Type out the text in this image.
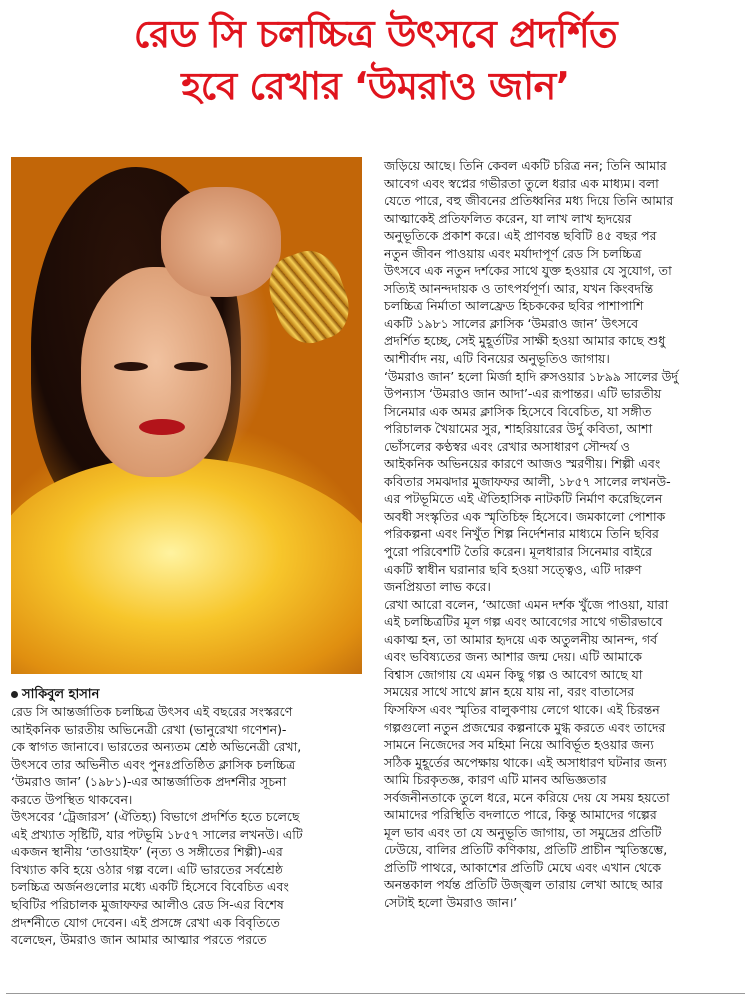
রেড সি চলচ্চিত্র উৎসবে প্রদর্শিত
হবে রেখার ‘উমরাও জান’
সাকিবুল হাসান

রেড সি আন্তর্জাতিক চলচ্চিত্র উৎসব এই বছরের সংস্করণে

আইকনিক ভারতীয় অভিনেত্রী রেখা (ভানুরেখা গণেশন)-

কে স্বাগত জানাবে। ভারতের অন্যতম শ্রেষ্ঠ অভিনেত্রী রেখা,

উৎসবে তার অভিনীত এবং পুনঃপ্রতিষ্ঠিত ক্লাসিক চলচ্চিত্র

‘উমরাও জান’ (১৯৮১)-এর আন্তর্জাতিক প্রদর্শনীর সূচনা

করতে উপস্থিত থাকবেন।

উৎসবের ‘ট্রেজারস’ (ঐতিহ্য) বিভাগে প্রদর্শিত হতে চলেছে

এই প্রখ্যাত সৃষ্টিটি, যার পটভূমি ১৮৫৭ সালের লখনউ। এটি

একজন স্থানীয় ‘তাওয়াইফ’ (নৃত্য ও সঙ্গীতের শিল্পী)-এর

বিখ্যাত কবি হয়ে ওঠার গল্প বলে। এটি ভারতের সর্বশ্রেষ্ঠ

চলচ্চিত্র অর্জনগুলোর মধ্যে একটি হিসেবে বিবেচিত এবং

ছবিটির পরিচালক মুজাফফর আলীও রেড সি-এর বিশেষ

প্রদর্শনীতে যোগ দেবেন। এই প্রসঙ্গে রেখা এক বিবৃতিতে

বলেছেন, উমরাও জান আমার আত্মার পরতে পরতে

জড়িয়ে আছে। তিনি কেবল একটি চরিত্র নন; তিনি আমার

আবেগ এবং স্বপ্নের গভীরতা তুলে ধরার এক মাধ্যম। বলা

যেতে পারে, বহু জীবনের প্রতিধ্বনির মধ্য দিয়ে তিনি আমার

আত্মাকেই প্রতিফলিত করেন, যা লাখ লাখ হৃদয়ের

অনুভূতিকে প্রকাশ করে। এই প্রাণবন্ত ছবিটি ৪৫ বছর পর

নতুন জীবন পাওয়ায় এবং মর্যাদাপূর্ণ রেড সি চলচ্চিত্র

উৎসবে এক নতুন দর্শকের সাথে যুক্ত হওয়ার যে সুযোগ, তা

সত্যিই আনন্দদায়ক ও তাৎপর্যপূর্ণ। আর, যখন কিংবদন্তি

চলচ্চিত্র নির্মাতা আলফ্রেড হিচককের ছবির পাশাপাশি

একটি ১৯৮১ সালের ক্লাসিক ‘উমরাও জান’ উৎসবে

প্রদর্শিত হচ্ছে, সেই মুহূর্তটির সাক্ষী হওয়া আমার কাছে শুধু

আশীর্বাদ নয়, এটি বিনয়ের অনুভূতিও জাগায়।

‘উমরাও জান’ হলো মির্জা হাদি রুসওয়ার ১৮৯৯ সালের উর্দু

উপন্যাস ‘উমরাও জান আদা’-এর রূপান্তর। এটি ভারতীয়

সিনেমার এক অমর ক্লাসিক হিসেবে বিবেচিত, যা সঙ্গীত

পরিচালক খৈয়ামের সুর, শাহরিয়ারের উর্দু কবিতা, আশা

ভোঁসলের কণ্ঠস্বর এবং রেখার অসাধারণ সৌন্দর্য ও

আইকনিক অভিনয়ের কারণে আজও স্মরণীয়। শিল্পী এবং

কবিতার সমঝদার মুজাফফর আলী, ১৮৫৭ সালের লখনউ-

এর পটভূমিতে এই ঐতিহাসিক নাটকটি নির্মাণ করেছিলেন

অবধী সংস্কৃতির এক স্মৃতিচিহ্ন হিসেবে। জমকালো পোশাক

পরিকল্পনা এবং নিখুঁত শিল্প নির্দেশনার মাধ্যমে তিনি ছবির

পুরো পরিবেশটি তৈরি করেন। মূলধারার সিনেমার বাইরে

একটি স্বাধীন ঘরানার ছবি হওয়া সত্ত্বেও, এটি দারুণ

জনপ্রিয়তা লাভ করে।

রেখা আরো বলেন, ‘আজো এমন দর্শক খুঁজে পাওয়া, যারা

এই চলচ্চিত্রটির মূল গল্প এবং আবেগের সাথে গভীরভাবে

একাত্ম হন, তা আমার হৃদয়ে এক অতুলনীয় আনন্দ, গর্ব

এবং ভবিষ্যতের জন্য আশার জন্ম দেয়। এটি আমাকে

বিশ্বাস জোগায় যে এমন কিছু গল্প ও আবেগ আছে যা

সময়ের সাথে সাথে ম্লান হয়ে যায় না, বরং বাতাসের

ফিসফিস এবং স্মৃতির বালুকণায় লেগে থাকে। এই চিরন্তন

গল্পগুলো নতুন প্রজন্মের কল্পনাকে মুগ্ধ করতে এবং তাদের

সামনে নিজেদের সব মহিমা নিয়ে আবির্ভূত হওয়ার জন্য

সঠিক মুহূর্তের অপেক্ষায় থাকে। এই অসাধারণ ঘটনার জন্য

আমি চিরকৃতজ্ঞ, কারণ এটি মানব অভিজ্ঞতার

সর্বজনীনতাকে তুলে ধরে, মনে করিয়ে দেয় যে সময় হয়তো

আমাদের পরিস্থিতি বদলাতে পারে, কিন্তু আমাদের গল্পের

মূল ভাব এবং তা যে অনুভূতি জাগায়, তা সমুদ্রের প্রতিটি

ঢেউয়ে, বালির প্রতিটি কণিকায়, প্রতিটি প্রাচীন স্মৃতিস্তম্ভে,

প্রতিটি পাথরে, আকাশের প্রতিটি মেঘে এবং এখান থেকে

অনন্তকাল পর্যন্ত প্রতিটি উজ্জ্বল তারায় লেখা আছে আর

সেটাই হলো উমরাও জান।’
